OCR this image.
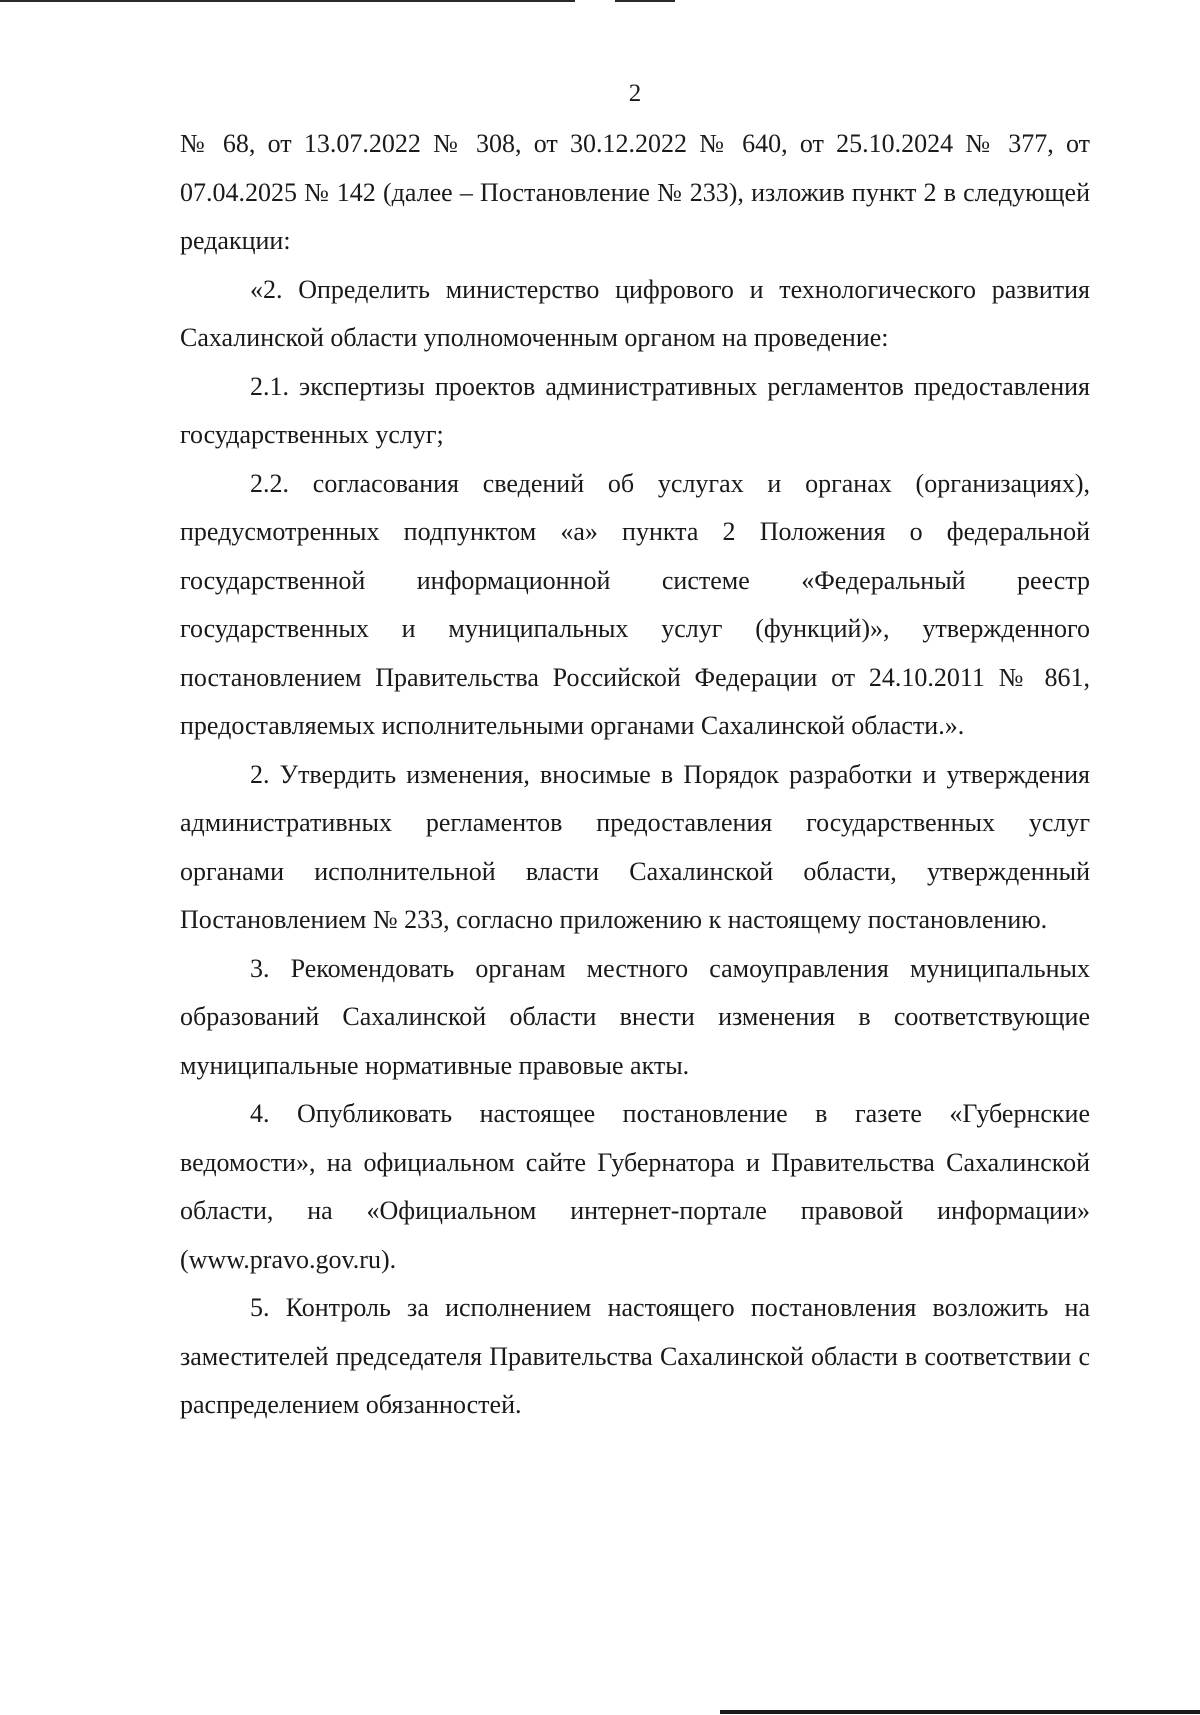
2

№ 68, от 13.07.2022 № 308, от 30.12.2022 № 640, от 25.10.2024 № 377, от 07.04.2025 № 142 (далее – Постановление № 233), изложив пункт 2 в следующей редакции:

«2. Определить министерство цифрового и технологического развития Сахалинской области уполномоченным органом на проведение:

2.1. экспертизы проектов административных регламентов предоставления государственных услуг;

2.2. согласования сведений об услугах и органах (организациях), предусмотренных подпунктом «а» пункта 2 Положения о федеральной государственной информационной системе «Федеральный реестр государственных и муниципальных услуг (функций)», утвержденного постановлением Правительства Российской Федерации от 24.10.2011 № 861, предоставляемых исполнительными органами Сахалинской области.».

2. Утвердить изменения, вносимые в Порядок разработки и утверждения административных регламентов предоставления государственных услуг органами исполнительной власти Сахалинской области, утвержденный Постановлением № 233, согласно приложению к настоящему постановлению.

3. Рекомендовать органам местного самоуправления муниципальных образований Сахалинской области внести изменения в соответствующие муниципальные нормативные правовые акты.

4. Опубликовать настоящее постановление в газете «Губернские ведомости», на официальном сайте Губернатора и Правительства Сахалинской области, на «Официальном интернет-портале правовой информации» (www.pravo.gov.ru).

5. Контроль за исполнением настоящего постановления возложить на заместителей председателя Правительства Сахалинской области в соответствии с распределением обязанностей.
